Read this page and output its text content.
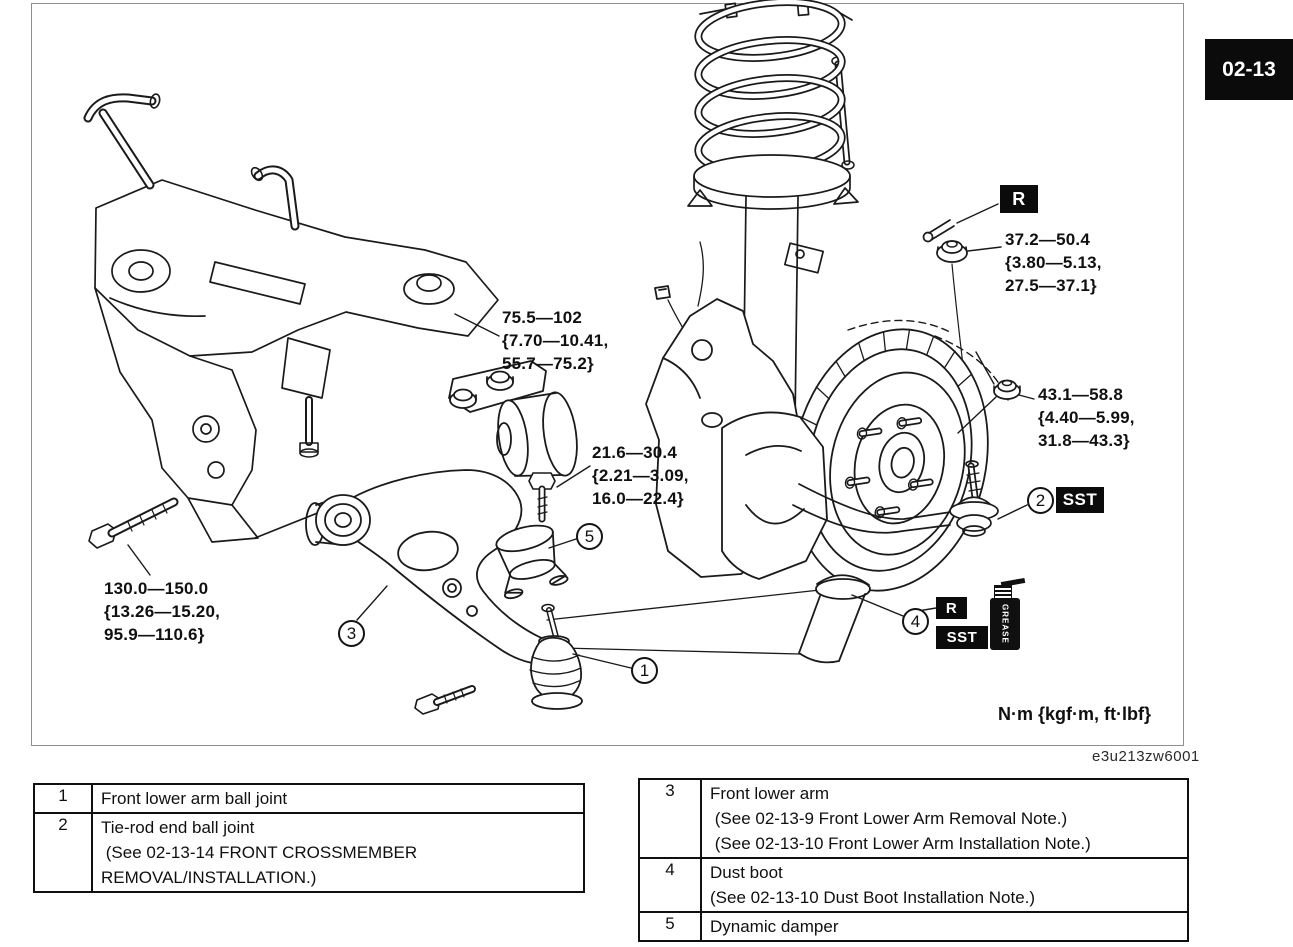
02-13
75.5—102
{7.70—10.41,
55.7—75.2}
21.6—30.4
{2.21—3.09,
16.0—22.4}
130.0—150.0
{13.26—15.20,
95.9—110.6}
37.2—50.4
{3.80—5.13,
27.5—37.1}
43.1—58.8
{4.40—5.99,
31.8—43.3}
R
SST
R
SST	GREASE
1
2
3
4
5
N·m {kgf·m, ft·lbf}
e3u213zw6001
1	Front lower arm ball joint

2	Tie-rod end ball joint
(See 02-13-14 FRONT CROSSMEMBER
REMOVAL/INSTALLATION.)
3	Front lower arm
(See 02-13-9 Front Lower Arm Removal Note.)
(See 02-13-10 Front Lower Arm Installation Note.)

4	Dust boot
(See 02-13-10 Dust Boot Installation Note.)

5	Dynamic damper
